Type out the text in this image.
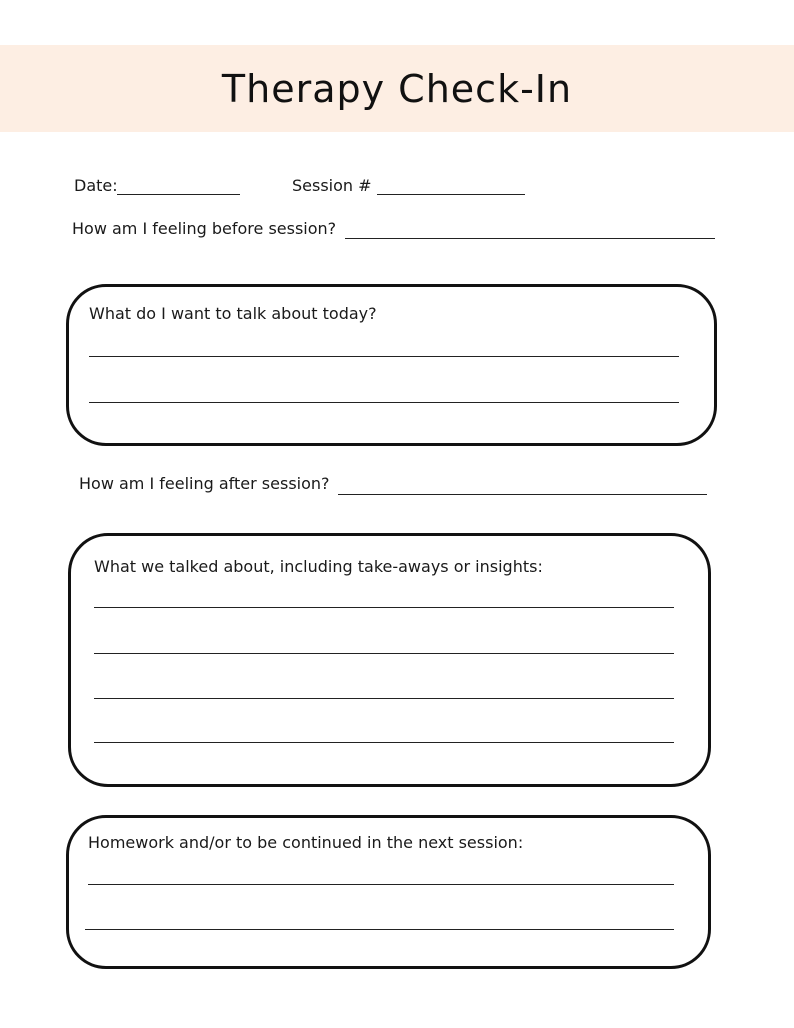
Therapy Check-In
Date:	Session #
How am I feeling before session?
What do I want to talk about today?
How am I feeling after session?
What we talked about, including take-aways or insights:
Homework and/or to be continued in the next session:
